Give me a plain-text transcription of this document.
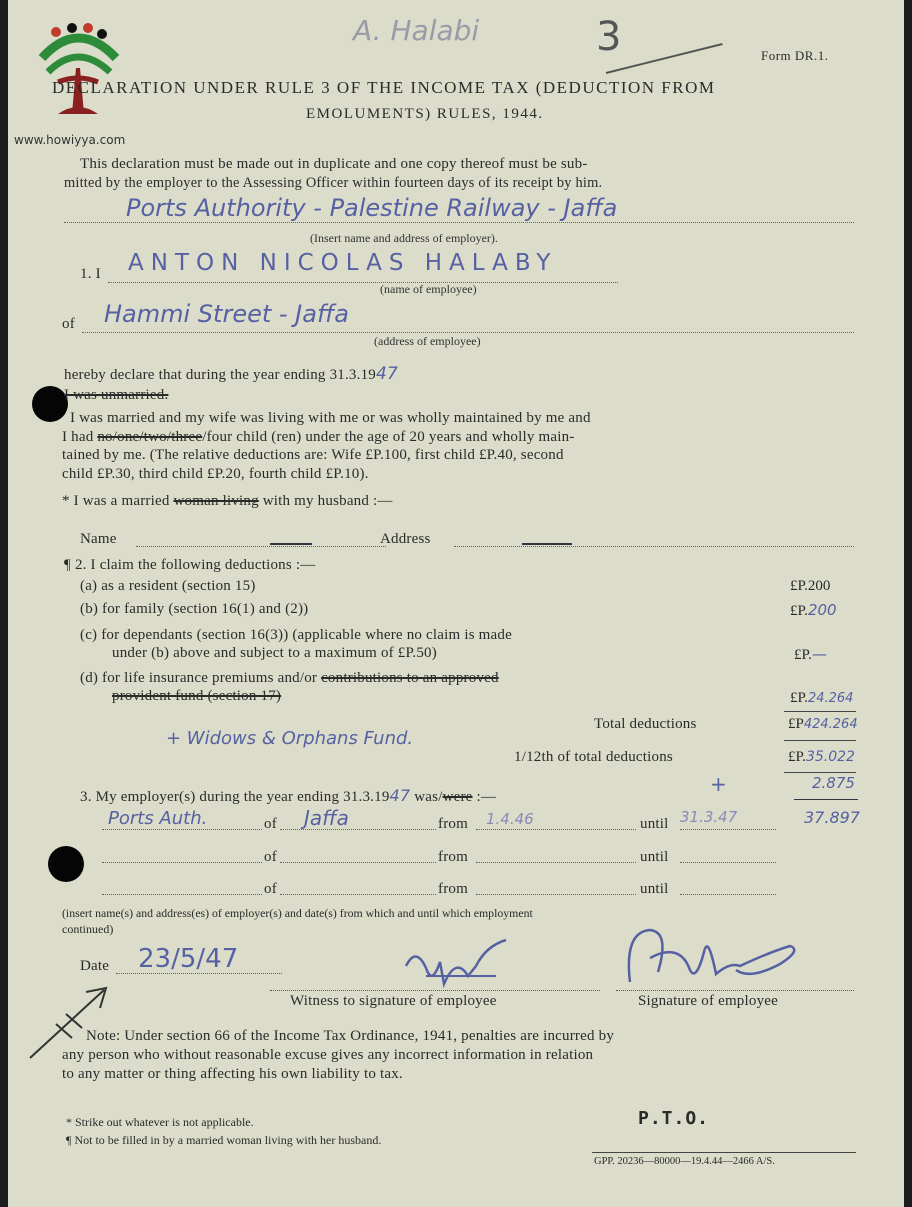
www.howiyya.com
A. Halabi	3	Form DR.1.
DECLARATION UNDER RULE 3 OF THE INCOME TAX (DEDUCTION FROM
EMOLUMENTS) RULES, 1944.
This declaration must be made out in duplicate and one copy thereof must be sub-
mitted by the employer to the Assessing Officer within fourteen days of its receipt by him.
Ports Authority - Palestine Railway - Jaffa
(Insert name and address of employer).
1. I ANTON NICOLAS HALABY
(name of employee)
of Hammi Street - Jaffa
(address of employee)
hereby declare that during the year ending 31.3.1947
I was unmarried.
I was married and my wife was living with me or was wholly maintained by me and
I had no/one/two/three/four child (ren) under the age of 20 years and wholly main-
tained by me. (The relative deductions are: Wife £P.100, first child £P.40, second
child £P.30, third child £P.20, fourth child £P.10).
* I was a married woman living with my husband :—
Name	Address
¶ 2. I claim the following deductions :—
(a) as a resident (section 15)	£P.200
(b) for family (section 16(1) and (2))	£P.200
(c) for dependants (section 16(3)) (applicable where no claim is made
under (b) above and subject to a maximum of £P.50)	£P.—
(d) for life insurance premiums and/or contributions to an approved
provident fund (section 17)	£P.24.264
+ Widows & Orphans Fund.
Total deductions	£P424.264
1/12th of total deductions	£P.35.022
+	2.875
37.897
3. My employer(s) during the year ending 31.3.1947 was/were :—
Ports Auth.	of Jaffa	from 1.4.46	until 31.3.47
of	from	until
of	from	until
(insert name(s) and address(es) of employer(s) and date(s) from which and until which employment
continued)
Date 23/5/47
Witness to signature of employee	Signature of employee
Note: Under section 66 of the Income Tax Ordinance, 1941, penalties are incurred by
any person who without reasonable excuse gives any incorrect information in relation
to any matter or thing affecting his own liability to tax.
* Strike out whatever is not applicable.
¶ Not to be filled in by a married woman living with her husband.
P.T.O.
GPP. 20236—80000—19.4.44—2466 A/S.
